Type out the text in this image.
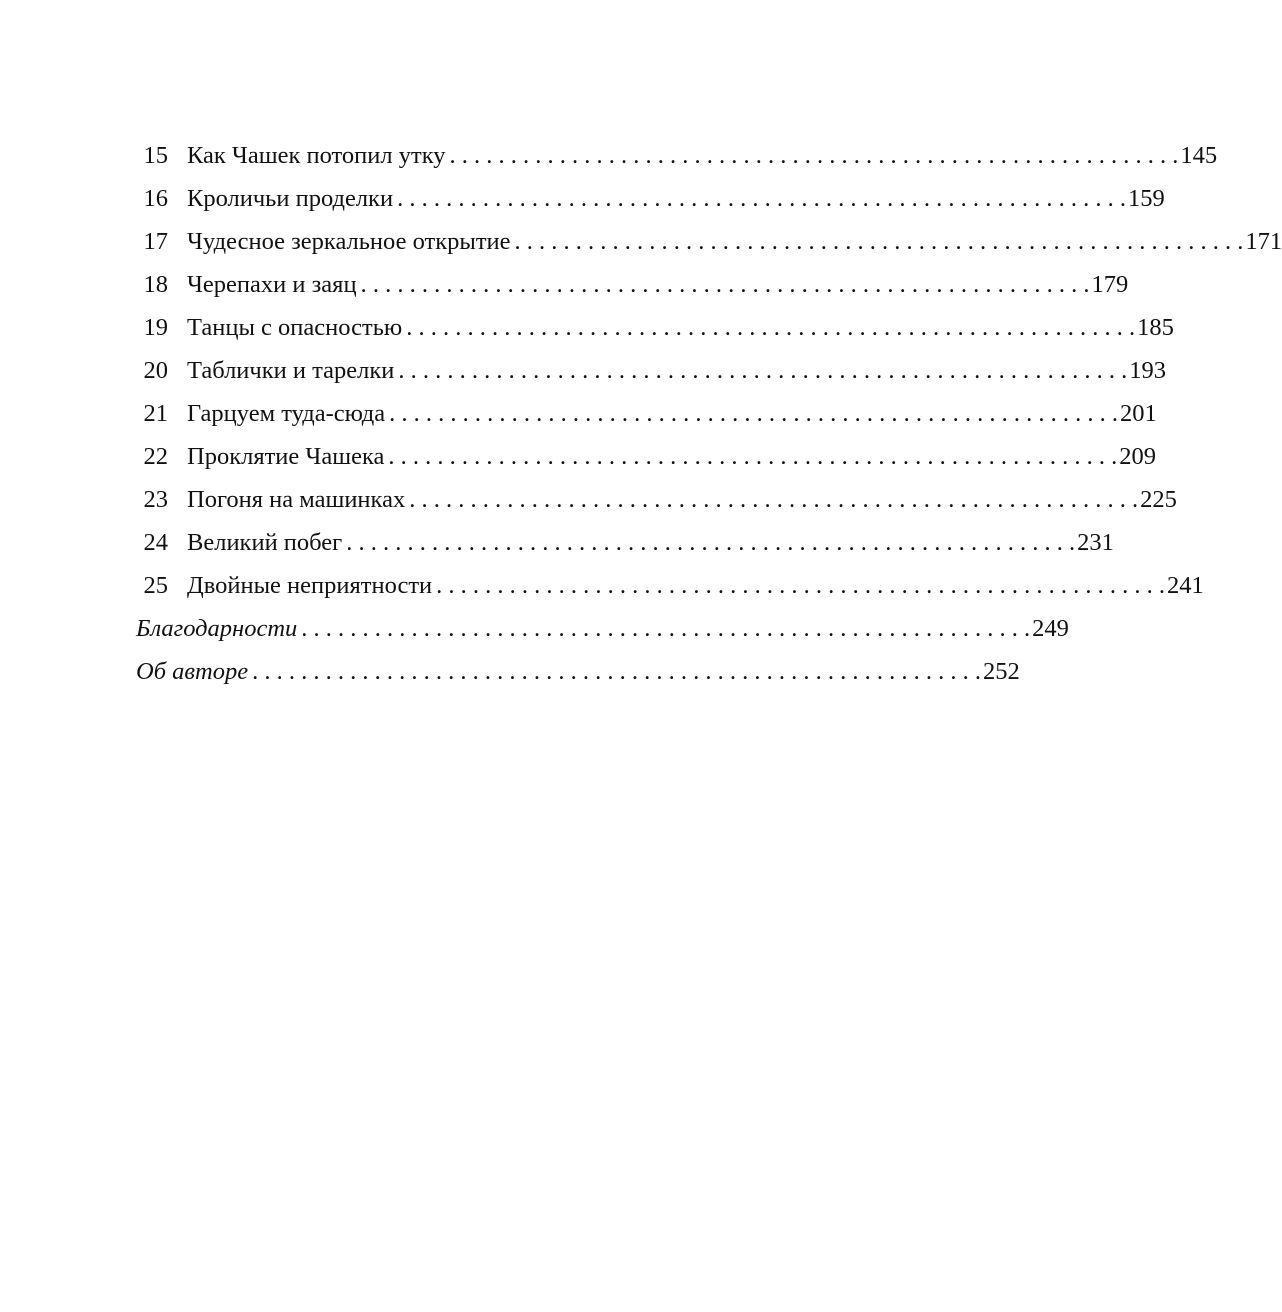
15 Как Чашек потопил утку . . . . . . . . . . . . . . . . . . . . . . . . . . . . . . . . . . . . . . . . . . . . . . . . . . . . . . . . . . . . 145
16 Кроличьи проделки . . . . . . . . . . . . . . . . . . . . . . . . . . . . . . . . . . . . . . . . . . . . . . . . . . . . . . . . . . . . 159
17 Чудесное зеркальное открытие . . . . . . . . . . . . . . . . . . . . . . . . . . . . . . . . . . . . . . . . . . . . . . . . . . . . . . . . . . . . 171
18 Черепахи и заяц . . . . . . . . . . . . . . . . . . . . . . . . . . . . . . . . . . . . . . . . . . . . . . . . . . . . . . . . . . . . 179
19 Танцы с опасностью . . . . . . . . . . . . . . . . . . . . . . . . . . . . . . . . . . . . . . . . . . . . . . . . . . . . . . . . . . . . 185
20 Таблички и тарелки . . . . . . . . . . . . . . . . . . . . . . . . . . . . . . . . . . . . . . . . . . . . . . . . . . . . . . . . . . . . 193
21 Гарцуем туда-сюда . . . . . . . . . . . . . . . . . . . . . . . . . . . . . . . . . . . . . . . . . . . . . . . . . . . . . . . . . . . . 201
22 Проклятие Чашека . . . . . . . . . . . . . . . . . . . . . . . . . . . . . . . . . . . . . . . . . . . . . . . . . . . . . . . . . . . . 209
23 Погоня на машинках . . . . . . . . . . . . . . . . . . . . . . . . . . . . . . . . . . . . . . . . . . . . . . . . . . . . . . . . . . . . 225
24 Великий побег . . . . . . . . . . . . . . . . . . . . . . . . . . . . . . . . . . . . . . . . . . . . . . . . . . . . . . . . . . . . 231
25 Двойные неприятности . . . . . . . . . . . . . . . . . . . . . . . . . . . . . . . . . . . . . . . . . . . . . . . . . . . . . . . . . . . . 241
Благодарности . . . . . . . . . . . . . . . . . . . . . . . . . . . . . . . . . . . . . . . . . . . . . . . . . . . . . . . . . . . . 249
Об авторе . . . . . . . . . . . . . . . . . . . . . . . . . . . . . . . . . . . . . . . . . . . . . . . . . . . . . . . . . . . . 252
